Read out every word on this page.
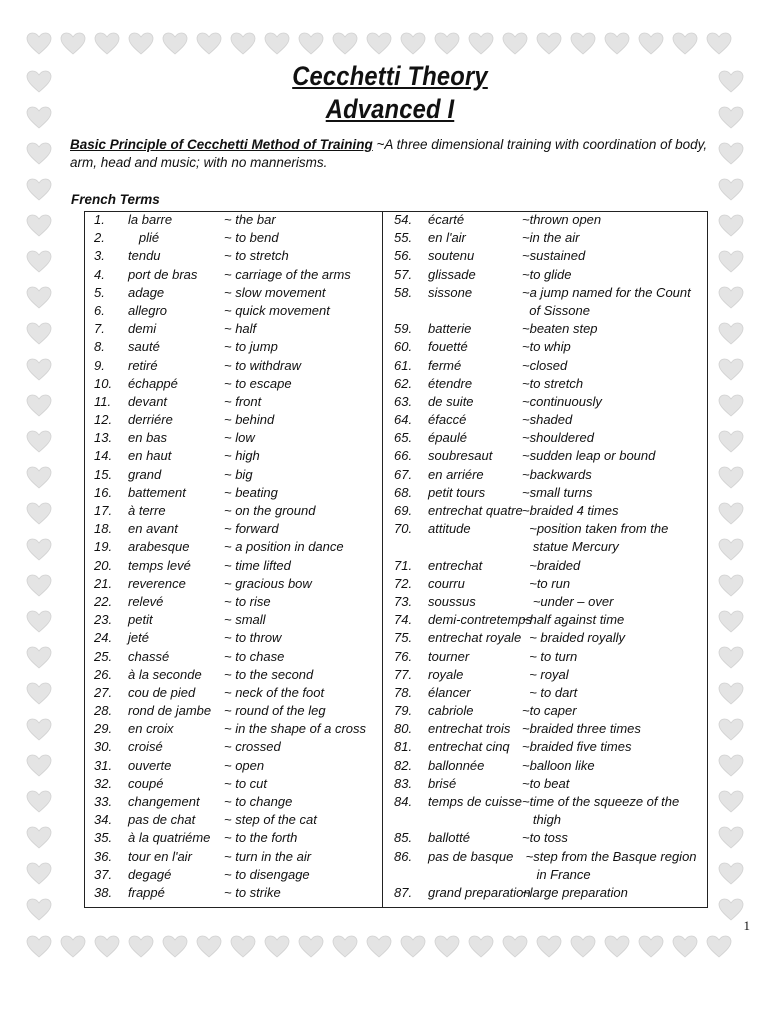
Cecchetti Theory
Advanced I
Basic Principle of Cecchetti Method of Training ~A three dimensional training with coordination of body, arm, head and music; with no mannerisms.
French Terms
1.	la barre	~ the bar
2.	plié	~ to bend
3.	tendu	~ to stretch
4.	port de bras ~ carriage of the arms
5.	adage	~ slow movement
6.	allegro	~ quick movement
7.	demi	~ half
8.	sauté	~ to jump
9.	retiré	~ to withdraw
10.	échappé	~ to escape
11.	devant	~ front
12.	derriére	~ behind
13.	en bas	~ low
14.	en haut	~ high
15.	grand	~ big
16.	battement	~ beating
17.	à terre	~ on the ground
18.	en avant	~ forward
19.	arabesque	~ a position in dance
20.	temps levé	~ time lifted
21.	reverence	~ gracious bow
22.	relevé	~ to rise
23.	petit	~ small
24.	jeté	~ to throw
25.	chassé	~ to chase
26.	à la seconde ~ to the second
27.	cou de pied ~ neck of the foot
28.	rond de jambe ~ round of the leg
29.	en croix	~ in the shape of a cross
30.	croisé	~ crossed
31.	ouverte	~ open
32.	coupé	~ to cut
33.	changement ~ to change
34.	pas de chat ~ step of the cat
35.	à la quatriéme ~ to the forth
36.	tour en l'air ~ turn in the air
37.	degagé	~ to disengage
38.	frappé	~ to strike
54.	écarté	~thrown open
55.	en l'air	~in the air
56.	soutenu	~sustained
57.	glissade	~to glide
58.	sissone	~a jump named for the Count
of Sissone
59.	batterie	~beaten step
60.	fouetté	~to whip
61.	fermé	~closed
62.	étendre	~to stretch
63.	de suite	~continuously
64.	éfaccé	~shaded
65.	épaulé	~shouldered
66.	soubresaut ~sudden leap or bound
67.	en arriére	~backwards
68.	petit tours	~small turns
69.	entrechat quatre ~braided 4 times
70.	attitude	~position taken from the
statue Mercury
71.	entrechat	~braided
72.	courru	~to run
73.	soussus	~under – over
74.	demi-contretemps
~half against time
75.	entrechat royale ~ braided royally
76.	tourner	~ to turn
77.	royale	~ royal
78.	élancer	~ to dart
79.	cabriole	~to caper
80.	entrechat trois ~braided three times
81.	entrechat cinq ~braided five times
82.	ballonnée	~balloon like
83.	brisé	~to beat
84.	temps de cuisse ~time of the squeeze of the
thigh
85.	ballotté	~to toss
86.	pas de basque ~step from the Basque region
in France
87.	grand preparation
~large preparation
1
